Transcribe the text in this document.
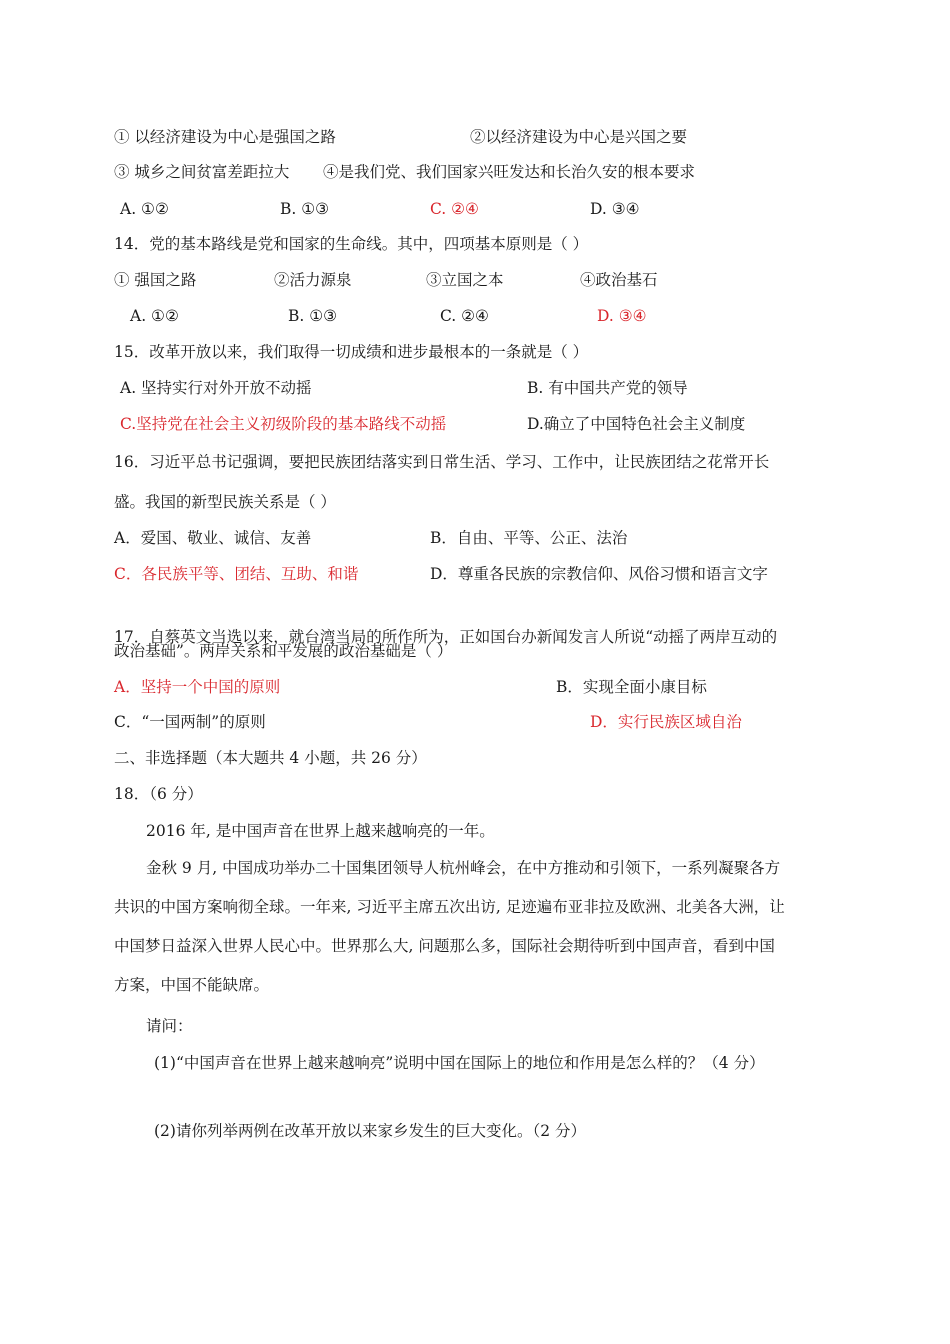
① 以经济建设为中心是强国之路	②以经济建设为中心是兴国之要
③ 城乡之间贫富差距拉大 ④是我们党、我们国家兴旺发达和长治久安的根本要求
A. ①②	B. ①③	C. ②④	D. ③④
14．党的基本路线是党和国家的生命线。其中，四项基本原则是（ ）
① 强国之路	②活力源泉	③立国之本	④政治基石
A. ①②	B. ①③	C. ②④	D. ③④
15．改革开放以来，我们取得一切成绩和进步最根本的一条就是（ ）
A. 坚持实行对外开放不动摇	B. 有中国共产党的领导
C.坚持党在社会主义初级阶段的基本路线不动摇	D.确立了中国特色社会主义制度
16．习近平总书记强调，要把民族团结落实到日常生活、学习、工作中，让民族团结之花常开长
盛。我国的新型民族关系是（ ）
A．爱国、敬业、诚信、友善	B．自由、平等、公正、法治
C．各民族平等、团结、互助、和谐	D．尊重各民族的宗教信仰、风俗习惯和语言文字
17．自蔡英文当选以来，就台湾当局的所作所为，正如国台办新闻发言人所说“动摇了两岸互动的
政治基础”。两岸关系和平发展的政治基础是（ ）
A．坚持一个中国的原则	B．实现全面小康目标
C．“一国两制”的原则	D．实行民族区域自治
二、非选择题（本大题共 4 小题，共 26 分）
18．（6 分）
2016 年, 是中国声音在世界上越来越响亮的一年。
金秋 9 月, 中国成功举办二十国集团领导人杭州峰会，在中方推动和引领下，一系列凝聚各方
共识的中国方案响彻全球。一年来, 习近平主席五次出访, 足迹遍布亚非拉及欧洲、北美各大洲，让
中国梦日益深入世界人民心中。世界那么大, 问题那么多，国际社会期待听到中国声音，看到中国
方案，中国不能缺席。
请问：
(1)“中国声音在世界上越来越响亮”说明中国在国际上的地位和作用是怎么样的？（4 分）
(2)请你列举两例在改革开放以来家乡发生的巨大变化。（2 分）
